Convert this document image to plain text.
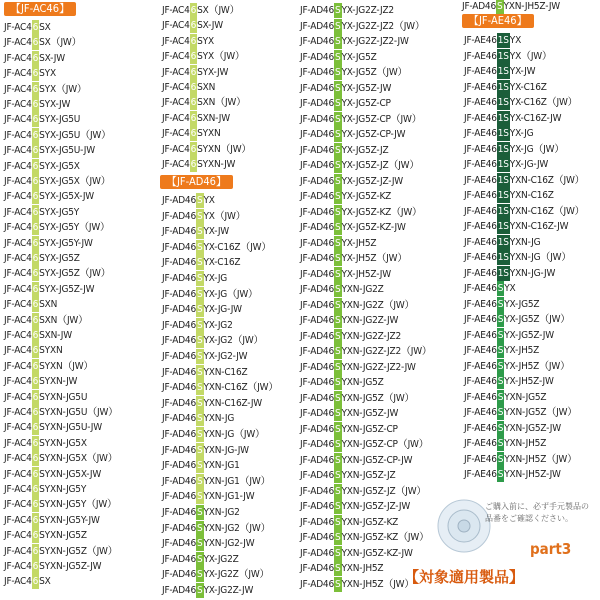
【JF-AC46】
JF-AC46SX
JF-AC46SX（JW）
JF-AC46SX-JW
JF-AC46SYX
JF-AC46SYX（JW）
JF-AC46SYX-JW
JF-AC46SYX-JG5U
JF-AC46SYX-JG5U（JW）
JF-AC46SYX-JG5U-JW
JF-AC46SYX-JG5X
JF-AC46SYX-JG5X（JW）
JF-AC46SYX-JG5X-JW
JF-AC46SYX-JG5Y
JF-AC46SYX-JG5Y（JW）
JF-AC46SYX-JG5Y-JW
JF-AC46SYX-JG5Z
JF-AC46SYX-JG5Z（JW）
JF-AC46SYX-JG5Z-JW
JF-AC46SXN
JF-AC46SXN（JW）
JF-AC46SXN-JW
JF-AC46SYXN
JF-AC46SYXN（JW）
JF-AC46SYXN-JW
JF-AC46SYXN-JG5U
JF-AC46SYXN-JG5U（JW）
JF-AC46SYXN-JG5U-JW
JF-AC46SYXN-JG5X
JF-AC46SYXN-JG5X（JW）
JF-AC46SYXN-JG5X-JW
JF-AC46SYXN-JG5Y
JF-AC46SYXN-JG5Y（JW）
JF-AC46SYXN-JG5Y-JW
JF-AC46SYXN-JG5Z
JF-AC46SYXN-JG5Z（JW）
JF-AC46SYXN-JG5Z-JW
JF-AC46SX
JF-AC46SX（JW）
JF-AC46SX-JW
JF-AC46SYX
JF-AC46SYX（JW）
JF-AC46SYX-JW
JF-AC46SXN
JF-AC46SXN（JW）
JF-AC46SXN-JW
JF-AC46SYXN
JF-AC46SYXN（JW）
JF-AC46SYXN-JW
【JF-AD46】
JF-AD46SYX
JF-AD46SYX（JW）
JF-AD46SYX-JW
JF-AD46SYX-C16Z（JW）
JF-AD46SYX-C16Z
JF-AD46SYX-JG
JF-AD46SYX-JG（JW）
JF-AD46SYX-JG-JW
JF-AD46SYX-JG2
JF-AD46SYX-JG2（JW）
JF-AD46SYX-JG2-JW
JF-AD46SYXN-C16Z
JF-AD46SYXN-C16Z（JW）
JF-AD46SYXN-C16Z-JW
JF-AD46SYXN-JG
JF-AD46SYXN-JG（JW）
JF-AD46SYXN-JG-JW
JF-AD46SYXN-JG1
JF-AD46SYXN-JG1（JW）
JF-AD46SYXN-JG1-JW
JF-AD46SYXN-JG2
JF-AD46SYXN-JG2（JW）
JF-AD46SYXN-JG2-JW
JF-AD46SYX-JG2Z
JF-AD46SYX-JG2Z（JW）
JF-AD46SYX-JG2Z-JW
JF-AD46SYX-JG2Z-JZ2
JF-AD46SYX-JG2Z-JZ2（JW）
JF-AD46SYX-JG2Z-JZ2-JW
JF-AD46SYX-JG5Z
JF-AD46SYX-JG5Z（JW）
JF-AD46SYX-JG5Z-JW
JF-AD46SYX-JG5Z-CP
JF-AD46SYX-JG5Z-CP（JW）
JF-AD46SYX-JG5Z-CP-JW
JF-AD46SYX-JG5Z-JZ
JF-AD46SYX-JG5Z-JZ（JW）
JF-AD46SYX-JG5Z-JZ-JW
JF-AD46SYX-JG5Z-KZ
JF-AD46SYX-JG5Z-KZ（JW）
JF-AD46SYX-JG5Z-KZ-JW
JF-AD46SYX-JH5Z
JF-AD46SYX-JH5Z（JW）
JF-AD46SYX-JH5Z-JW
JF-AD46SYXN-JG2Z
JF-AD46SYXN-JG2Z（JW）
JF-AD46SYXN-JG2Z-JW
JF-AD46SYXN-JG2Z-JZ2
JF-AD46SYXN-JG2Z-JZ2（JW）
JF-AD46SYXN-JG2Z-JZ2-JW
JF-AD46SYXN-JG5Z
JF-AD46SYXN-JG5Z（JW）
JF-AD46SYXN-JG5Z-JW
JF-AD46SYXN-JG5Z-CP
JF-AD46SYXN-JG5Z-CP（JW）
JF-AD46SYXN-JG5Z-CP-JW
JF-AD46SYXN-JG5Z-JZ
JF-AD46SYXN-JG5Z-JZ（JW）
JF-AD46SYXN-JG5Z-JZ-JW
JF-AD46SYXN-JG5Z-KZ
JF-AD46SYXN-JG5Z-KZ（JW）
JF-AD46SYXN-JG5Z-KZ-JW
JF-AD46SYXN-JH5Z
JF-AD46SYXN-JH5Z（JW）
JF-AD46SYXN-JH5Z-JW
【JF-AE46】
JF-AE461SYX
JF-AE461SYX（JW）
JF-AE461SYX-JW
JF-AE461SYX-C16Z
JF-AE461SYX-C16Z（JW）
JF-AE461SYX-C16Z-JW
JF-AE461SYX-JG
JF-AE461SYX-JG（JW）
JF-AE461SYX-JG-JW
JF-AE461SYXN-C16Z（JW）
JF-AE461SYXN-C16Z
JF-AE461SYXN-C16Z（JW）
JF-AE461SYXN-C16Z-JW
JF-AE461SYXN-JG
JF-AE461SYXN-JG（JW）
JF-AE461SYXN-JG-JW
JF-AE46SYX
JF-AE46SYX-JG5Z
JF-AE46SYX-JG5Z（JW）
JF-AE46SYX-JG5Z-JW
JF-AE46SYX-JH5Z
JF-AE46SYX-JH5Z（JW）
JF-AE46SYX-JH5Z-JW
JF-AE46SYXN-JG5Z
JF-AE46SYXN-JG5Z（JW）
JF-AE46SYXN-JG5Z-JW
JF-AE46SYXN-JH5Z
JF-AE46SYXN-JH5Z（JW）
JF-AE46SYXN-JH5Z-JW
ご購入前に、必ず手元製品の品番をご確認ください。
part3
【対象適用製品】
